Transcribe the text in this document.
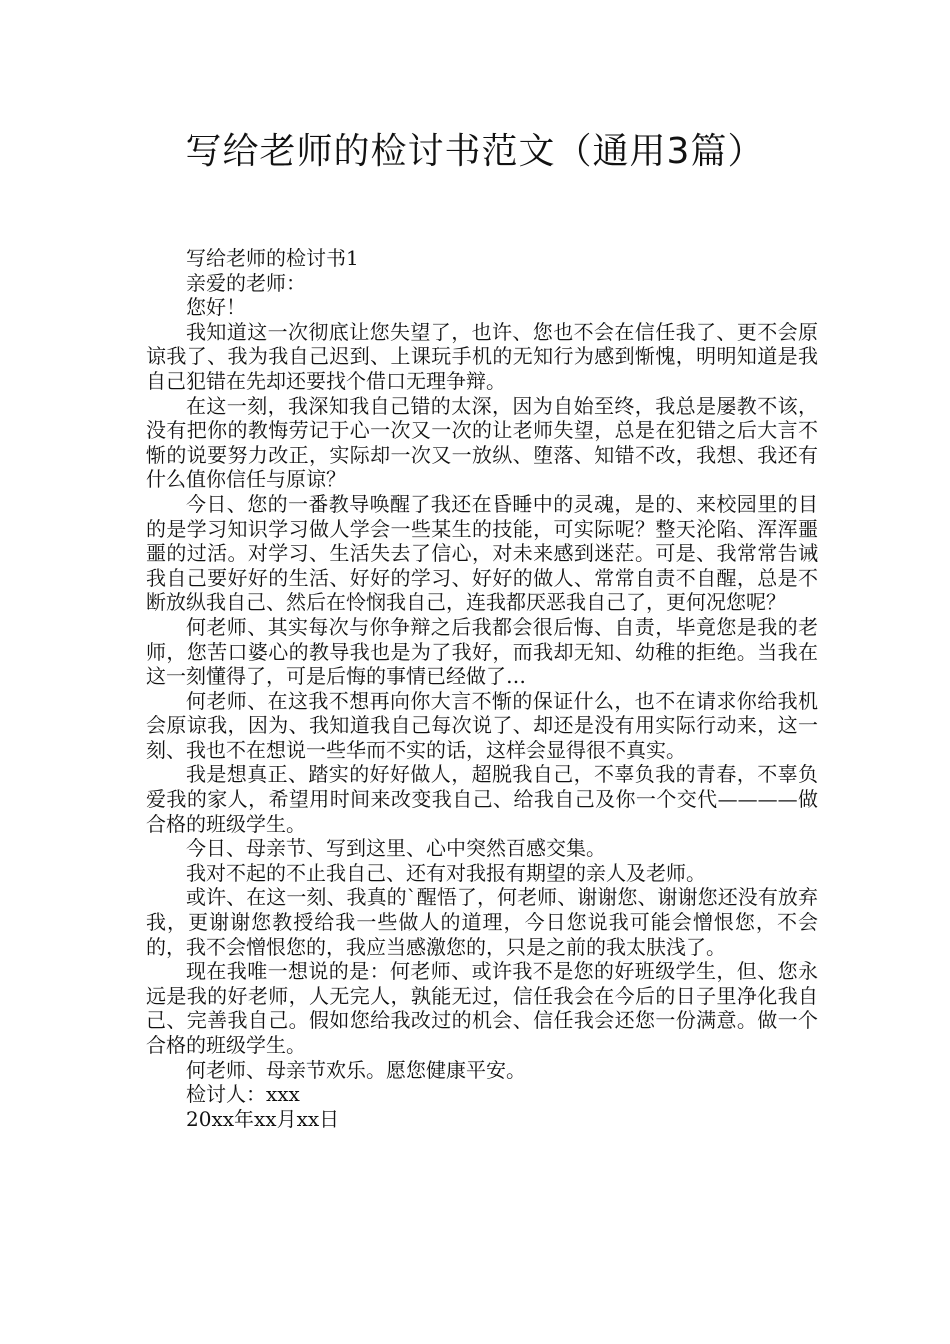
写给老师的检讨书范文（通用3篇）

写给老师的检讨书1

亲爱的老师：

您好！

我知道这一次彻底让您失望了，也许、您也不会在信任我了、更不会原谅我了、我为我自己迟到、上课玩手机的无知行为感到惭愧，明明知道是我自己犯错在先却还要找个借口无理争辩。

在这一刻，我深知我自己错的太深，因为自始至终，我总是屡教不该，没有把你的教悔劳记于心一次又一次的让老师失望，总是在犯错之后大言不惭的说要努力改正，实际却一次又一放纵、堕落、知错不改，我想、我还有什么值你信任与原谅？

今日、您的一番教导唤醒了我还在昏睡中的灵魂，是的、来校园里的目的是学习知识学习做人学会一些某生的技能，可实际呢？整天沦陷、浑浑噩噩的过活。对学习、生活失去了信心，对未来感到迷茫。可是、我常常告诫我自己要好好的生活、好好的学习、好好的做人、常常自责不自醒，总是不断放纵我自己、然后在怜悯我自己，连我都厌恶我自己了，更何况您呢？

何老师、其实每次与你争辩之后我都会很后悔、自责，毕竟您是我的老师，您苦口婆心的教导我也是为了我好，而我却无知、幼稚的拒绝。当我在这一刻懂得了，可是后悔的事情已经做了…

何老师、在这我不想再向你大言不惭的保证什么，也不在请求你给我机会原谅我，因为、我知道我自己每次说了、却还是没有用实际行动来，这一刻、我也不在想说一些华而不实的话，这样会显得很不真实。

我是想真正、踏实的好好做人，超脱我自己，不辜负我的青春，不辜负爱我的家人，希望用时间来改变我自己、给我自己及你一个交代————做合格的班级学生。

今日、母亲节、写到这里、心中突然百感交集。

我对不起的不止我自己、还有对我报有期望的亲人及老师。

或许、在这一刻、我真的`醒悟了，何老师、谢谢您、谢谢您还没有放弃我，更谢谢您教授给我一些做人的道理，今日您说我可能会憎恨您，不会的，我不会憎恨您的，我应当感激您的，只是之前的我太肤浅了。

现在我唯一想说的是：何老师、或许我不是您的好班级学生，但、您永远是我的好老师，人无完人，孰能无过，信任我会在今后的日子里净化我自己、完善我自己。假如您给我改过的机会、信任我会还您一份满意。做一个合格的班级学生。

何老师、母亲节欢乐。愿您健康平安。

检讨人：xxx

20xx年xx月xx日
